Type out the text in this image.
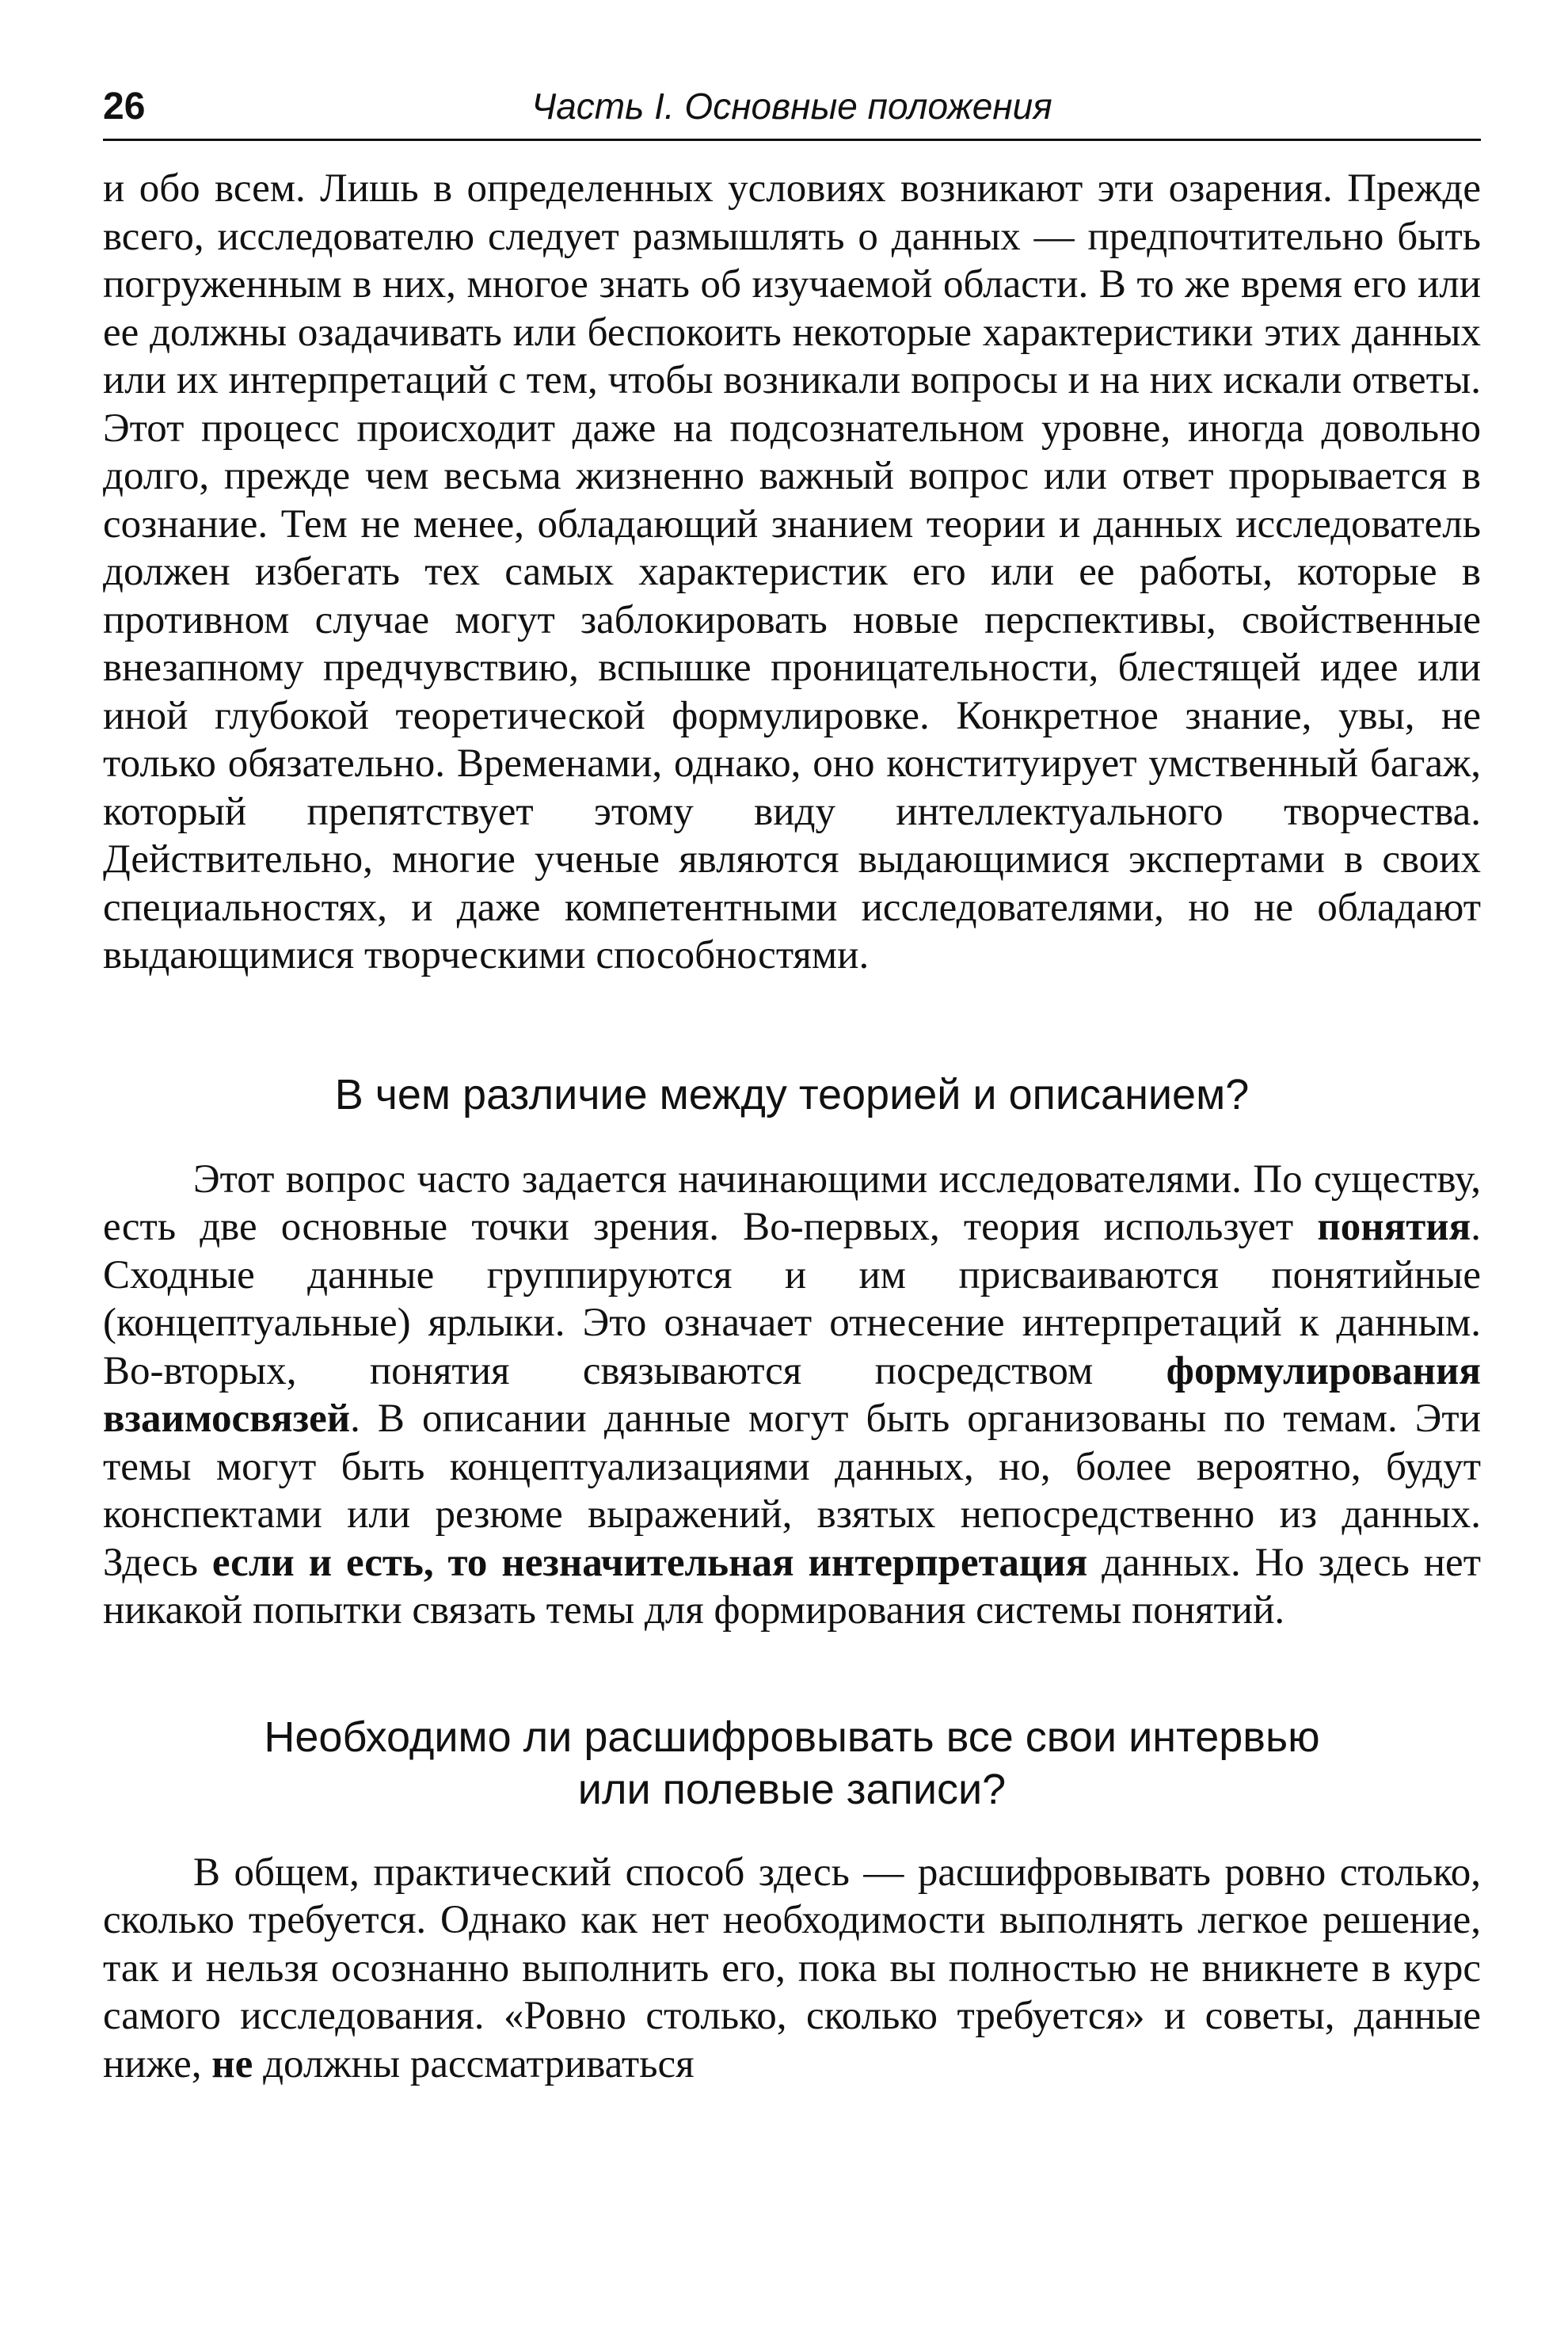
26	Часть I. Основные положения

и обо всем. Лишь в определенных условиях возникают эти озарения. Прежде всего, исследователю следует размышлять о данных — предпочтительно быть погруженным в них, многое знать об изучаемой области. В то же время его или ее должны озадачивать или беспокоить некоторые характеристики этих данных или их интерпретаций с тем, чтобы возникали вопросы и на них искали ответы. Этот процесс происходит даже на подсознательном уровне, иногда довольно долго, прежде чем весьма жизненно важный вопрос или ответ прорывается в сознание. Тем не менее, обладающий знанием теории и данных исследователь должен избегать тех самых характеристик его или ее работы, которые в противном случае могут заблокировать новые перспективы, свойственные внезапному предчувствию, вспышке проницательности, блестящей идее или иной глубокой теоретической формулировке. Конкретное знание, увы, не только обязательно. Временами, однако, оно конституирует умственный багаж, который препятствует этому виду интеллектуального творчества. Действительно, многие ученые являются выдающимися экспертами в своих специальностях, и даже компетентными исследователями, но не обладают выдающимися творческими способностями.

В чем различие между теорией и описанием?

Этот вопрос часто задается начинающими исследователями. По существу, есть две основные точки зрения. Во-первых, теория использует понятия. Сходные данные группируются и им присваиваются понятийные (концептуальные) ярлыки. Это означает отнесение интерпретаций к данным. Во-вторых, понятия связываются посредством формулирования взаимосвязей. В описании данные могут быть организованы по темам. Эти темы могут быть концептуализациями данных, но, более вероятно, будут конспектами или резюме выражений, взятых непосредственно из данных. Здесь если и есть, то незначительная интерпретация данных. Но здесь нет никакой попытки связать темы для формирования системы понятий.

Необходимо ли расшифровывать все свои интервью
или полевые записи?

В общем, практический способ здесь — расшифровывать ровно столько, сколько требуется. Однако как нет необходимости выполнять легкое решение, так и нельзя осознанно выполнить его, пока вы полностью не вникнете в курс самого исследования. «Ровно столько, сколько требуется» и советы, данные ниже, не должны рассматриваться
